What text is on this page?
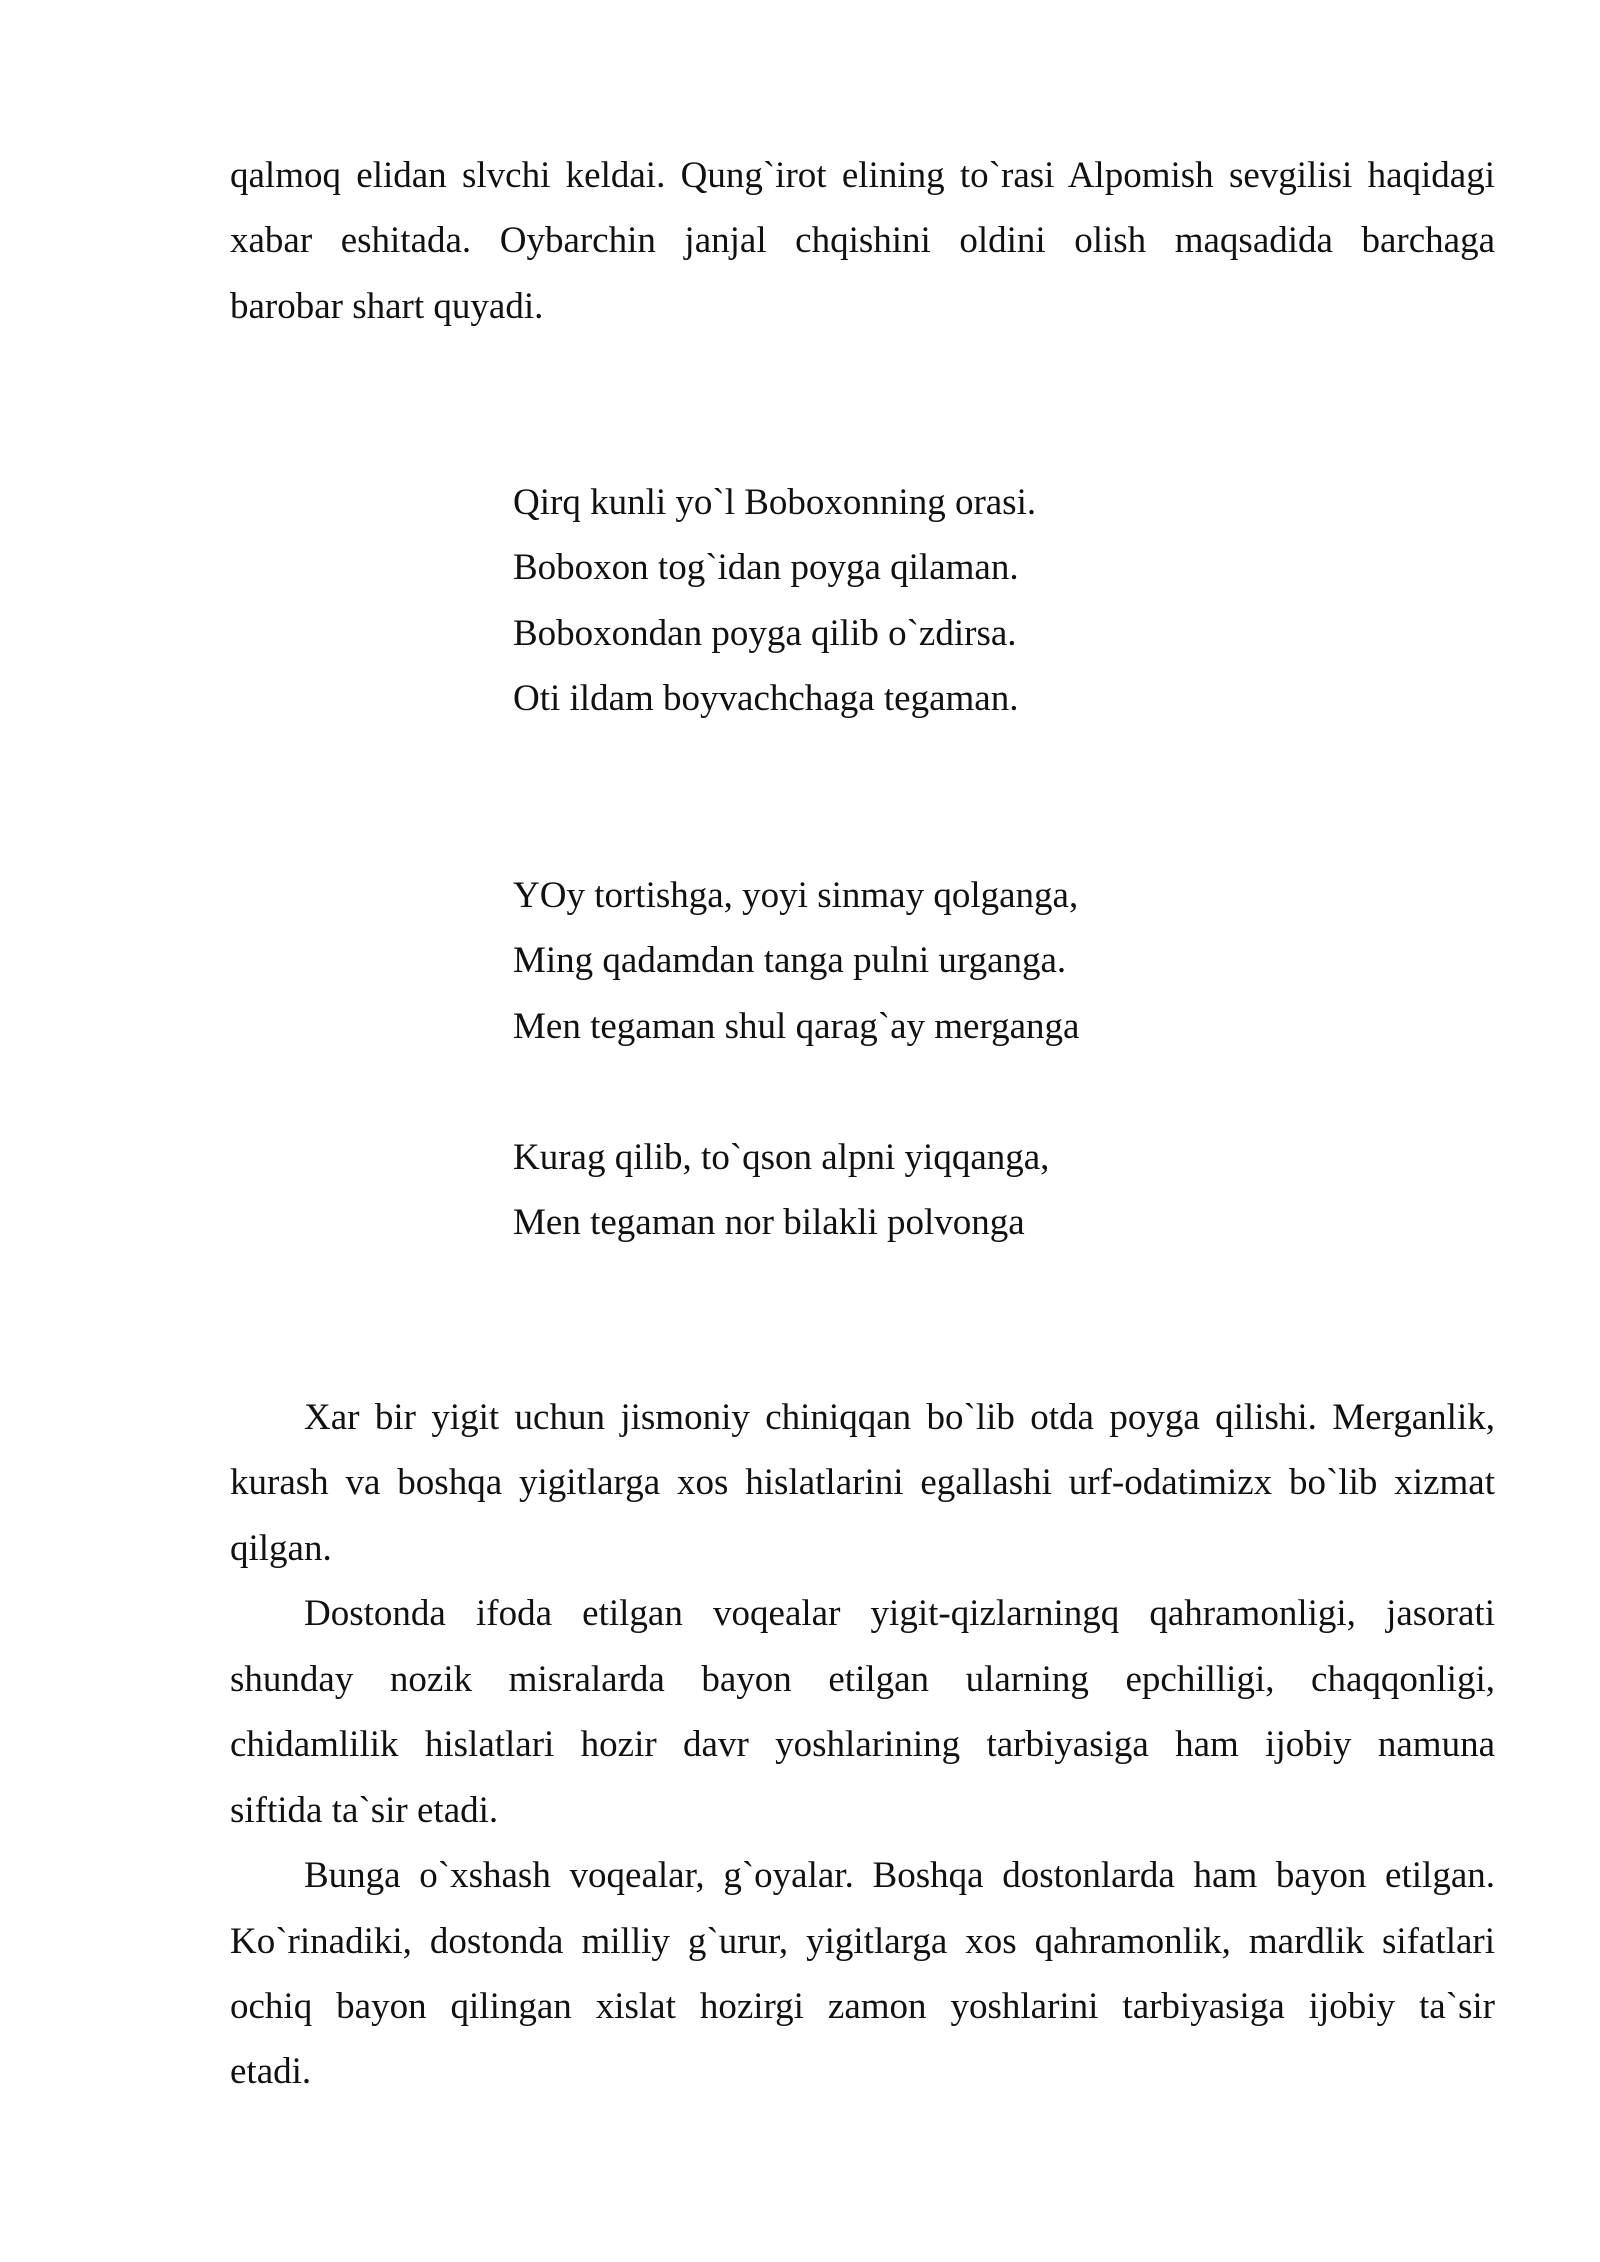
qalmoq elidan slvchi keldai. Qung`irot elining to`rasi Alpomish sevgilisi haqidagi
xabar eshitada. Oybarchin janjal chqishini oldini olish maqsadida barchaga
barobar shart quyadi.
Qirq kunli yo`l Boboxonning orasi.
Boboxon tog`idan poyga qilaman.
Boboxondan poyga qilib o`zdirsa.
Oti ildam boyvachchaga tegaman.
YOy tortishga, yoyi sinmay qolganga,
Ming qadamdan tanga pulni urganga.
Men tegaman shul qarag`ay merganga
Kurag qilib, to`qson alpni yiqqanga,
Men tegaman nor bilakli polvonga
Xar bir yigit uchun jismoniy chiniqqan bo`lib otda poyga qilishi. Merganlik,
kurash va boshqa yigitlarga xos hislatlarini egallashi urf-odatimizx bo`lib xizmat
qilgan.
Dostonda ifoda etilgan voqealar yigit-qizlarningq qahramonligi, jasorati
shunday nozik misralarda bayon etilgan ularning epchilligi, chaqqonligi,
chidamlilik hislatlari hozir davr yoshlarining tarbiyasiga ham ijobiy namuna
siftida ta`sir etadi.
Bunga o`xshash voqealar, g`oyalar. Boshqa dostonlarda ham bayon etilgan.
Ko`rinadiki, dostonda milliy g`urur, yigitlarga xos qahramonlik, mardlik sifatlari
ochiq bayon qilingan xislat hozirgi zamon yoshlarini tarbiyasiga ijobiy ta`sir
etadi.
